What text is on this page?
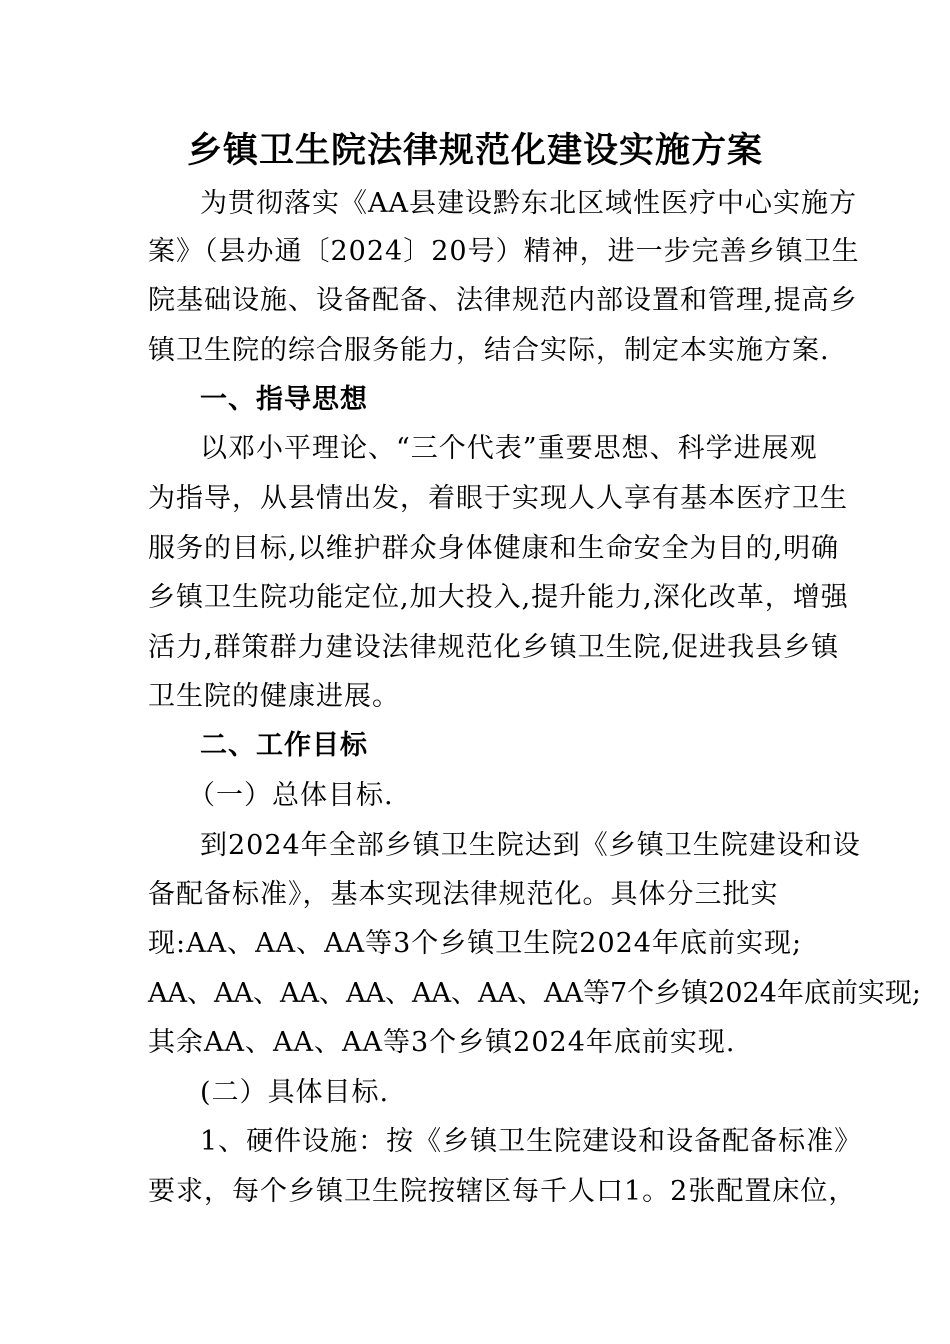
乡镇卫生院法律规范化建设实施方案

为贯彻落实《AA县建设黔东北区域性医疗中心实施方

案》（县办通〔2024〕20号）精神，进一步完善乡镇卫生

院基础设施、设备配备、法律规范内部设置和管理,提高乡

镇卫生院的综合服务能力，结合实际，制定本实施方案.

一、指导思想

以邓小平理论、“三个代表”重要思想、科学进展观

为指导，从县情出发，着眼于实现人人享有基本医疗卫生

服务的目标,以维护群众身体健康和生命安全为目的,明确

乡镇卫生院功能定位,加大投入,提升能力,深化改革，增强

活力,群策群力建设法律规范化乡镇卫生院,促进我县乡镇

卫生院的健康进展。

二、工作目标

（一）总体目标.

到2024年全部乡镇卫生院达到《乡镇卫生院建设和设

备配备标准》，基本实现法律规范化。具体分三批实

现:AA、AA、AA等3个乡镇卫生院2024年底前实现;

AA、AA、AA、AA、AA、AA、AA等7个乡镇2024年底前实现;

其余AA、AA、AA等3个乡镇2024年底前实现.

(二）具体目标.

1、硬件设施：按《乡镇卫生院建设和设备配备标准》

要求，每个乡镇卫生院按辖区每千人口1。2张配置床位，
